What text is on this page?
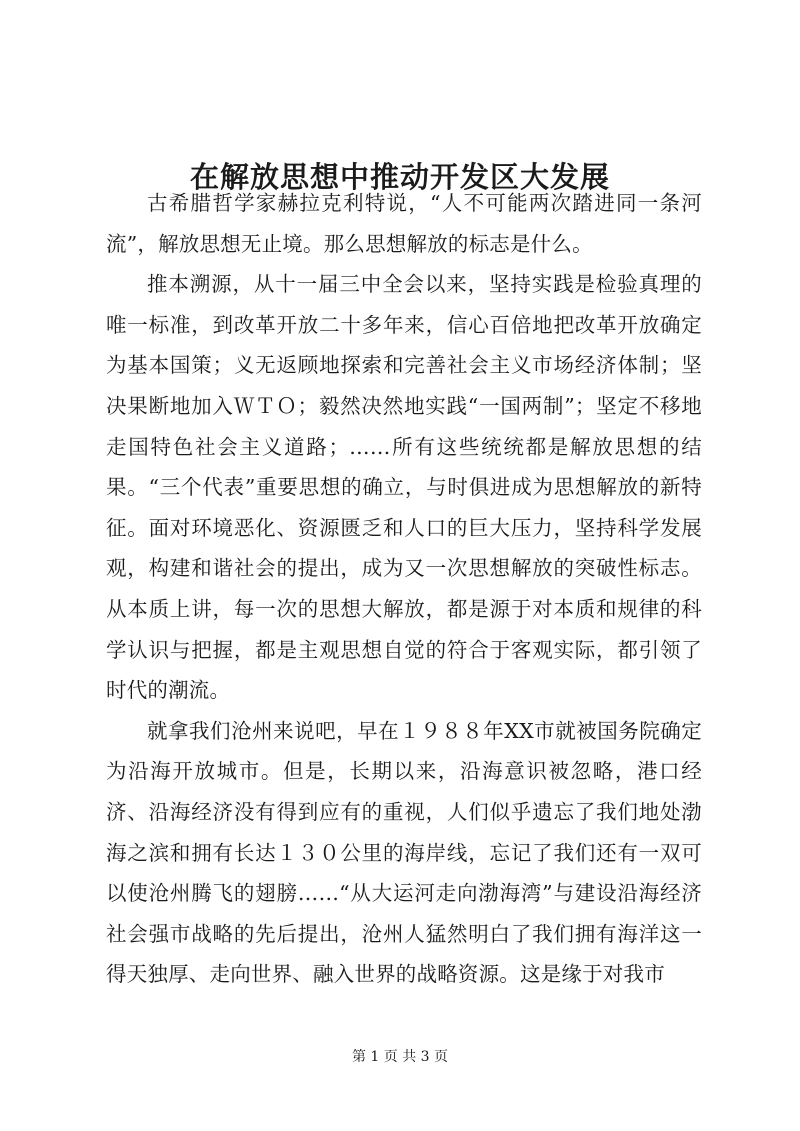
在解放思想中推动开发区大发展

古希腊哲学家赫拉克利特说，“人不可能两次踏进同一条河流”，解放思想无止境。那么思想解放的标志是什么。

推本溯源，从十一届三中全会以来，坚持实践是检验真理的唯一标准，到改革开放二十多年来，信心百倍地把改革开放确定为基本国策；义无返顾地探索和完善社会主义市场经济体制；坚决果断地加入ＷＴＯ；毅然决然地实践“一国两制”；坚定不移地走国特色社会主义道路；……所有这些统统都是解放思想的结果。“三个代表”重要思想的确立，与时俱进成为思想解放的新特征。面对环境恶化、资源匮乏和人口的巨大压力，坚持科学发展观，构建和谐社会的提出，成为又一次思想解放的突破性标志。从本质上讲，每一次的思想大解放，都是源于对本质和规律的科学认识与把握，都是主观思想自觉的符合于客观实际，都引领了时代的潮流。

就拿我们沧州来说吧，早在１９８８年XX市就被国务院确定为沿海开放城市。但是，长期以来，沿海意识被忽略，港口经济、沿海经济没有得到应有的重视，人们似乎遗忘了我们地处渤海之滨和拥有长达１３０公里的海岸线，忘记了我们还有一双可以使沧州腾飞的翅膀……“从大运河走向渤海湾”与建设沿海经济社会强市战略的先后提出，沧州人猛然明白了我们拥有海洋这一得天独厚、走向世界、融入世界的战略资源。这是缘于对我市

第 1 页 共 3 页
